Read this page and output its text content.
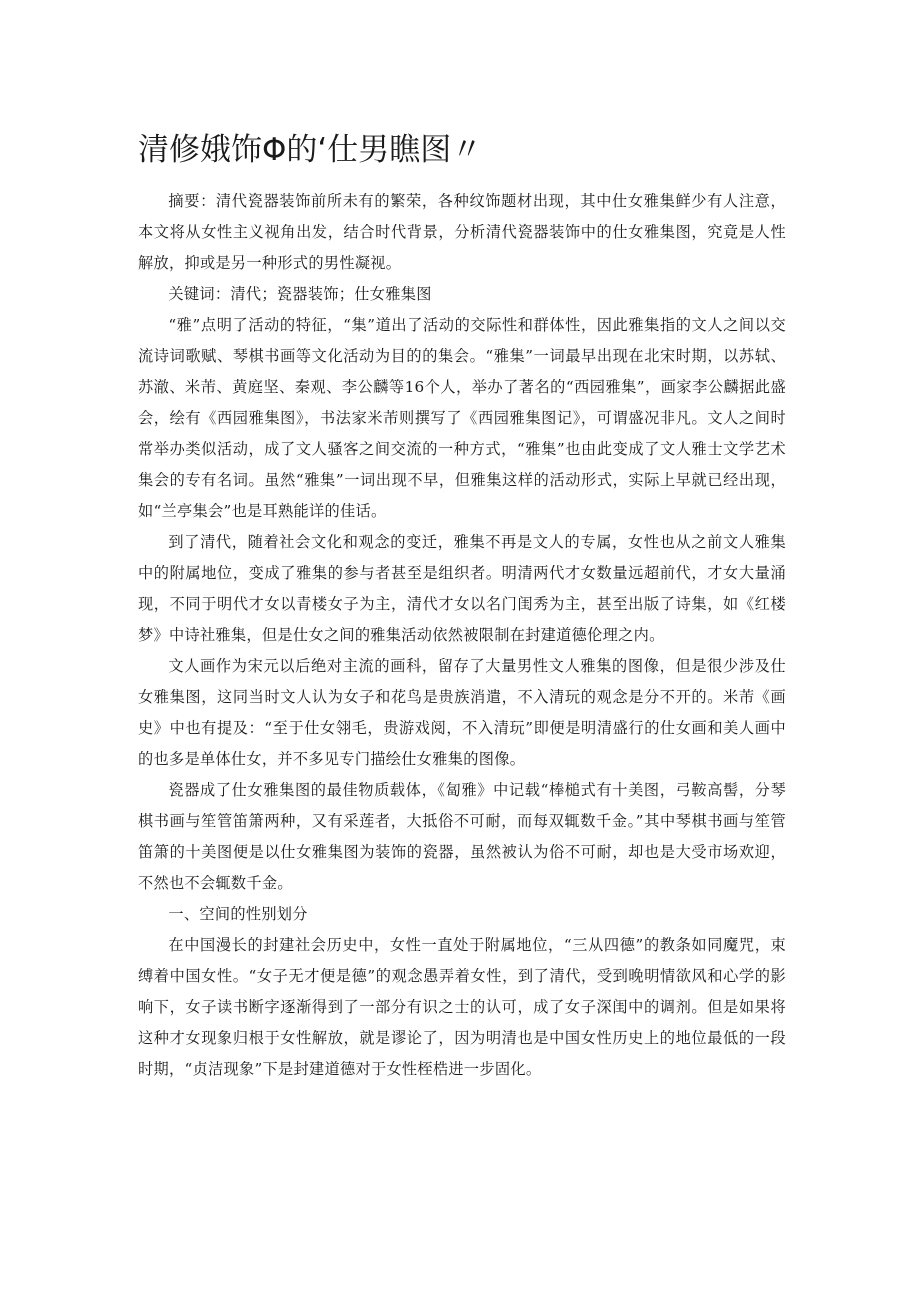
清修娥饰Φ的‘仕男瞧图〃

摘要：清代瓷器装饰前所未有的繁荣，各种纹饰题材出现，其中仕女雅集鲜少有人注意，本文将从女性主义视角出发，结合时代背景，分析清代瓷器装饰中的仕女雅集图，究竟是人性解放，抑或是另一种形式的男性凝视。

关键词：清代；瓷器装饰；仕女雅集图

“雅”点明了活动的特征，“集”道出了活动的交际性和群体性，因此雅集指的文人之间以交流诗词歌赋、琴棋书画等文化活动为目的的集会。“雅集”一词最早出现在北宋时期，以苏轼、苏澈、米芾、黄庭坚、秦观、李公麟等16个人，举办了著名的“西园雅集”，画家李公麟据此盛会，绘有《西园雅集图》，书法家米芾则撰写了《西园雅集图记》，可谓盛况非凡。文人之间时常举办类似活动，成了文人骚客之间交流的一种方式，“雅集”也由此变成了文人雅士文学艺术集会的专有名词。虽然“雅集”一词出现不早，但雅集这样的活动形式，实际上早就已经出现，如“兰亭集会”也是耳熟能详的佳话。

到了清代，随着社会文化和观念的变迁，雅集不再是文人的专属，女性也从之前文人雅集中的附属地位，变成了雅集的参与者甚至是组织者。明清两代才女数量远超前代，才女大量涌现，不同于明代才女以青楼女子为主，清代才女以名门闺秀为主，甚至出版了诗集，如《红楼梦》中诗社雅集，但是仕女之间的雅集活动依然被限制在封建道德伦理之内。

文人画作为宋元以后绝对主流的画科，留存了大量男性文人雅集的图像，但是很少涉及仕女雅集图，这同当时文人认为女子和花鸟是贵族消遣，不入清玩的观念是分不开的。米芾《画史》中也有提及：“至于仕女翎毛，贵游戏阅，不入清玩”即便是明清盛行的仕女画和美人画中的也多是单体仕女，并不多见专门描绘仕女雅集的图像。

瓷器成了仕女雅集图的最佳物质载体，《匐雅》中记载“棒槌式有十美图，弓鞍高髻，分琴棋书画与笙管笛箫两种，又有采莲者，大抵俗不可耐，而每双辄数千金。”其中琴棋书画与笙管笛箫的十美图便是以仕女雅集图为装饰的瓷器，虽然被认为俗不可耐，却也是大受市场欢迎，不然也不会辄数千金。

一、空间的性别划分

在中国漫长的封建社会历史中，女性一直处于附属地位，“三从四德”的教条如同魔咒，束缚着中国女性。“女子无才便是德”的观念愚弄着女性，到了清代，受到晚明情欲风和心学的影响下，女子读书断字逐渐得到了一部分有识之士的认可，成了女子深闺中的调剂。但是如果将这种才女现象归根于女性解放，就是谬论了，因为明清也是中国女性历史上的地位最低的一段时期，“贞洁现象”下是封建道德对于女性桎梏进一步固化。
